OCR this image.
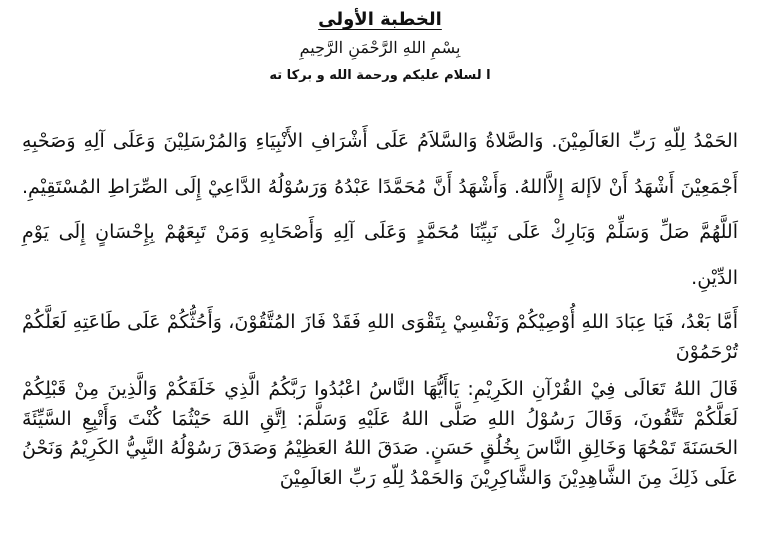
الخطبة الأولى
بِسْمِ اللهِ الرَّحْمَنِ الرَّحِيمِ
ا لسلام عليكم ورحمة الله و بركا ته

الحَمْدُ لِلّهِ رَبِّ العَالَمِيْنَ. وَالصَّلاةُ وَالسَّلاَمُ عَلَى أَشْرَافِ الأَنْبِيَاءِ وَالمُرْسَلِيْنَ وَعَلَى آلِهِ وَصَحْبِهِ أَجْمَعِيْنَ أَشْهَدُ أَنْ لاَإلهَ إِلاَّاللهُ. وَأَشْهَدُ أَنَّ مُحَمَّدًا عَبْدُهُ وَرَسُوْلُهُ الدَّاعِيْ إِلَى الصِّرَاطِ المُسْتَقِيْمِ. اَللَّهُمَّ صَلِّ وَسَلِّمْ وَبَارِكْ عَلَى نَبِيِّنَا مُحَمَّدٍ وَعَلَى آلِهِ وَأَصْحَابِهِ وَمَنْ تَبِعَهُمْ بِإِحْسَانٍ إِلَى يَوْمِ الدِّيْنِ.

أَمَّا بَعْدُ، فَيَا عِبَادَ اللهِ أُوْصِيْكُمْ وَنَفْسِيْ بِتَقْوَى اللهِ فَقَدْ فَازَ المُتَّقُوْنَ، وَأَحُثُّكُمْ عَلَى طَاعَتِهِ لَعَلَّكُمْ تُرْحَمُوْنَ

قَالَ اللهُ تَعَالَى فِيْ القُرْآنِ الكَرِيْمِ: يَاأَيُّهَا النَّاسُ اعْبُدُوا رَبَّكُمُ الَّذِي خَلَقَكُمْ وَالَّذِينَ مِنْ قَبْلِكُمْ لَعَلَّكُمْ تَتَّقُونَ، وَقَالَ رَسُوْلُ اللهِ صَلَّى اللهُ عَلَيْهِ وَسَلَّمَ: اِتَّقِ اللهَ حَيْثُمَا كُنْتَ وَأَتْبِعِ السَّيِّئَةَ الحَسَنَةَ تَمْحُهَا وَخَالِقِ النَّاسَ بِخُلُقٍ حَسَنٍ. صَدَقَ اللهُ العَظِيْمُ وَصَدَقَ رَسُوْلُهُ النَّبِيُّ الكَرِيْمُ وَنَحْنُ عَلَى ذَلِكَ مِنَ الشَّاهِدِيْنَ وَالشَّاكِرِيْنَ وَالحَمْدُ لِلّهِ رَبِّ العَالَمِيْنَ
